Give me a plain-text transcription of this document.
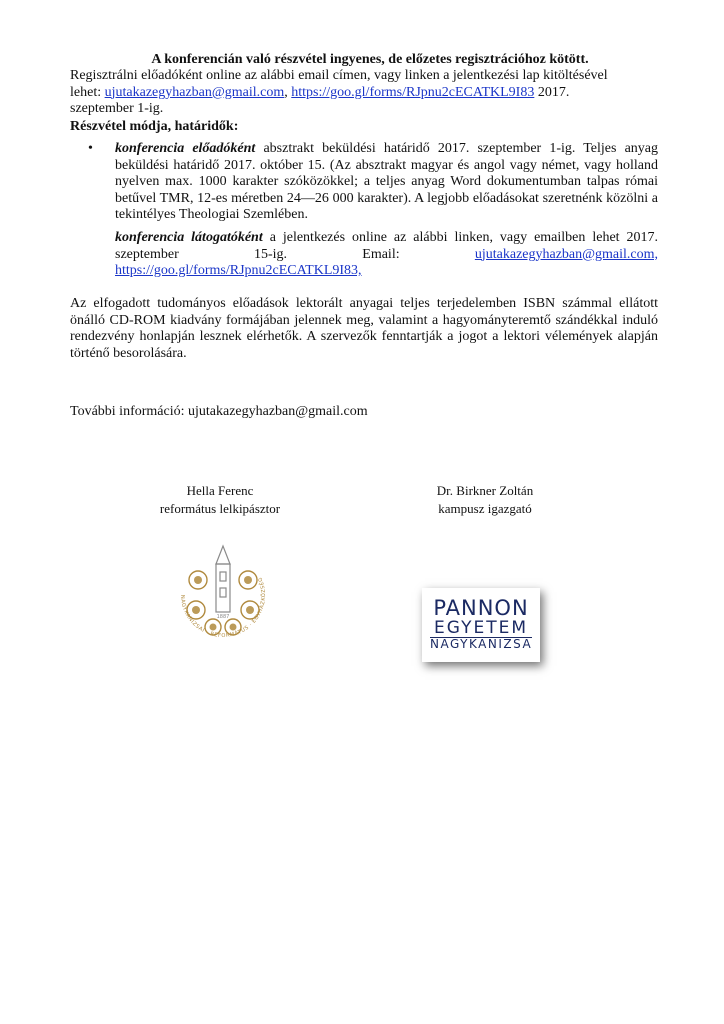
A konferencián való részvétel ingyenes, de előzetes regisztrációhoz kötött.
Regisztrálni előadóként online az alábbi email címen, vagy linken a jelentkezési lap kitöltésével
lehet: ujutakazegyhazban@gmail.com, https://goo.gl/forms/RJpnu2cECATKL9I83 2017.
szeptember 1-ig.
Részvétel módja, határidők:
• konferencia előadóként absztrakt beküldési határidő 2017. szeptember 1-ig. Teljes anyag beküldési határidő 2017. október 15. (Az absztrakt magyar és angol vagy német, vagy holland nyelven max. 1000 karakter szóközökkel; a teljes anyag Word dokumentumban talpas római betűvel TMR, 12-es méretben 24—26 000 karakter). A legjobb előadásokat szeretnénk közölni a tekintélyes Theologiai Szemlében.

konferencia látogatóként a jelentkezés online az alábbi linken, vagy emailben lehet 2017. szeptember 15-ig. Email:	ujutakazegyhazban@gmail.com, https://goo.gl/forms/RJpnu2cECATKL9I83,

Az elfogadott tudományos előadások lektorált anyagai teljes terjedelemben ISBN számmal ellátott önálló CD-ROM kiadvány formájában jelennek meg, valamint a hagyományteremtő szándékkal induló rendezvény honlapján lesznek elérhetők. A szervezők fenntartják a jogot a lektori vélemények alapján történő besorolására.
További információ: ujutakazegyhazban@gmail.com
Hella Ferenc
református lelkipásztor
Dr. Birkner Zoltán
kampusz igazgató
NAGYKANIZSAI · REFORMÁTUS · EGYHÁZKÖZSÉG
1887	PANNON
EGYETEM
NAGYKANIZSA
